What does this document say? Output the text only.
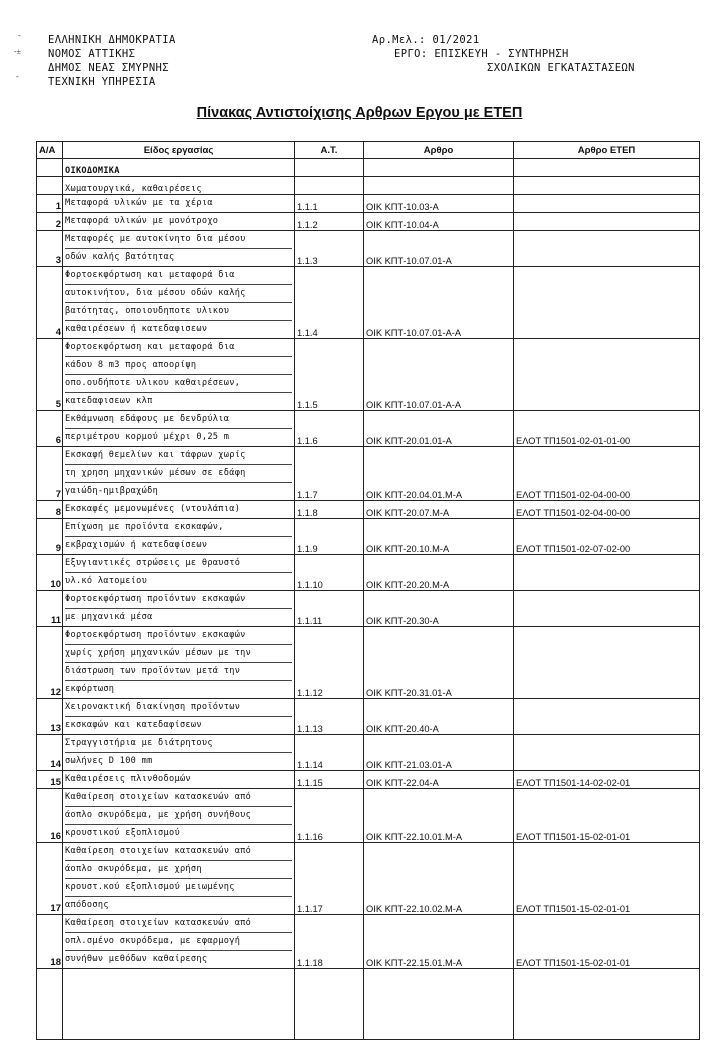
-
-±
-
ΕΛΛΗΝΙΚΗ ΔΗΜΟΚΡΑΤΙΑ
ΝΟΜΟΣ ΑΤΤΙΚΗΣ
ΔΗΜΟΣ ΝΕΑΣ ΣΜΥΡΝΗΣ
ΤΕΧΝΙΚΗ ΥΠΗΡΕΣΙΑ
Αρ.Μελ.: 01/2021
ΕΡΓΟ: ΕΠΙΣΚΕΥΗ - ΣΥΝΤΗΡΗΣΗ
ΣΧΟΛΙΚΩΝ ΕΓΚΑΤΑΣΤΑΣΕΩΝ
Πίνακας Αντιστοίχισης Αρθρων Εργου με ΕΤΕΠ
Α/Α	Είδος εργασίας	Α.Τ.	Αρθρο	Αρθρο ΕΤΕΠ
	ΟΙΚΟΔΟΜΙΚΑ			
	Χωματουργικά, καθαιρέσεις			
1	Μεταφορά υλικών με τα χέρια	1.1.1	ΟΙΚ ΚΠΤ-10.03-Α	
2	Μεταφορά υλικών με μονότροχο	1.1.2	ΟΙΚ ΚΠΤ-10.04-Α	
3	Μεταφορές με αυτοκίνητο δια μέσου
οδών καλής βατότητας	1.1.3	ΟΙΚ ΚΠΤ-10.07.01-Α	
4	Φορτοεκφόρτωση και μεταφορά δια
αυτοκινήτου, δια μέσου οδών καλής
βατότητας, οποιουδηποτε υλικου
καθαιρέσεων ή κατεδαφισεων	1.1.4	ΟΙΚ ΚΠΤ-10.07.01-Α-Α	
5	Φορτοεκφόρτωση και μεταφορά δια
κάδου 8 m3 προς αποορίψη
οπο.ουδήποτε υλικου καθαιρέσεων,
κατεδαφισεων κλπ	1.1.5	ΟΙΚ ΚΠΤ-10.07.01-Α-Α	
6	Εκθάμνωση εδάφους με δενδρύλια
περιμέτρου κορμού μέχρι 0,25 m	1.1.6	ΟΙΚ ΚΠΤ-20.01.01-Α	ΕΛΟΤ ΤΠ1501-02-01-01-00
7	Εκσκαφή θεμελίων και τάφρων χωρίς
τη χρηση μηχανικών μέσων σε εδάφη
γαιώδη-ημιβραχώδη	1.1.7	ΟΙΚ ΚΠΤ-20.04.01.Μ-Α	ΕΛΟΤ ΤΠ1501-02-04-00-00
8	Εκσκαφές μεμονωμένες (ντουλάπια)	1.1.8	ΟΙΚ ΚΠΤ-20.07.Μ-Α	ΕΛΟΤ ΤΠ1501-02-04-00-00
9	Επίχωση με προϊόντα εκσκαφών,
εκβραχισμών ή κατεδαφίσεων	1.1.9	ΟΙΚ ΚΠΤ-20.10.Μ-Α	ΕΛΟΤ ΤΠ1501-02-07-02-00
10	Εξυγιαντικές στρώσεις με θραυστό
υλ.κό λατομείου	1.1.10	ΟΙΚ ΚΠΤ-20.20.Μ-Α	
11	Φορτοεκφόρτωση προϊόντων εκσκαφών
με μηχανικά μέσα	1.1.11	ΟΙΚ ΚΠΤ-20.30-Α	
12	Φορτοεκφόρτωση προϊόντων εκσκαφών
χωρίς χρήση μηχανικών μέσων με την
διάστρωση των προϊόντων μετά την
εκφόρτωση	1.1.12	ΟΙΚ ΚΠΤ-20.31.01-Α	
13	Χειρονακτική διακίνηση προϊόντων
εκσκαφών και κατεδαφίσεων	1.1.13	ΟΙΚ ΚΠΤ-20.40-Α	
14	Στραγγιστήρια με διάτρητους
σωλήνες D 100 mm	1.1.14	ΟΙΚ ΚΠΤ-21.03.01-Α	
15	Καθαιρέσεις πλινθοδομών	1.1.15	ΟΙΚ ΚΠΤ-22.04-Α	ΕΛΟΤ ΤΠ1501-14-02-02-01
16	Καθαίρεση στοιχείων κατασκευών από
άοπλο σκυρόδεμα, με χρήση συνήθους
κρουστικού εξοπλισμού	1.1.16	ΟΙΚ ΚΠΤ-22.10.01.Μ-Α	ΕΛΟΤ ΤΠ1501-15-02-01-01
17	Καθαίρεση στοιχείων κατασκευών από
άοπλο σκυρόδεμα, με χρήση
κρουστ.κού εξοπλισμού μειωμένης
απόδοσης	1.1.17	ΟΙΚ ΚΠΤ-22.10.02.Μ-Α	ΕΛΟΤ ΤΠ1501-15-02-01-01
18	Καθαίρεση στοιχείων κατασκευών από
οπλ.σμένο σκυρόδεμα, με εφαρμογή
συνήθων μεθόδων καθαίρεσης	1.1.18	ΟΙΚ ΚΠΤ-22.15.01.Μ-Α	ΕΛΟΤ ΤΠ1501-15-02-01-01
